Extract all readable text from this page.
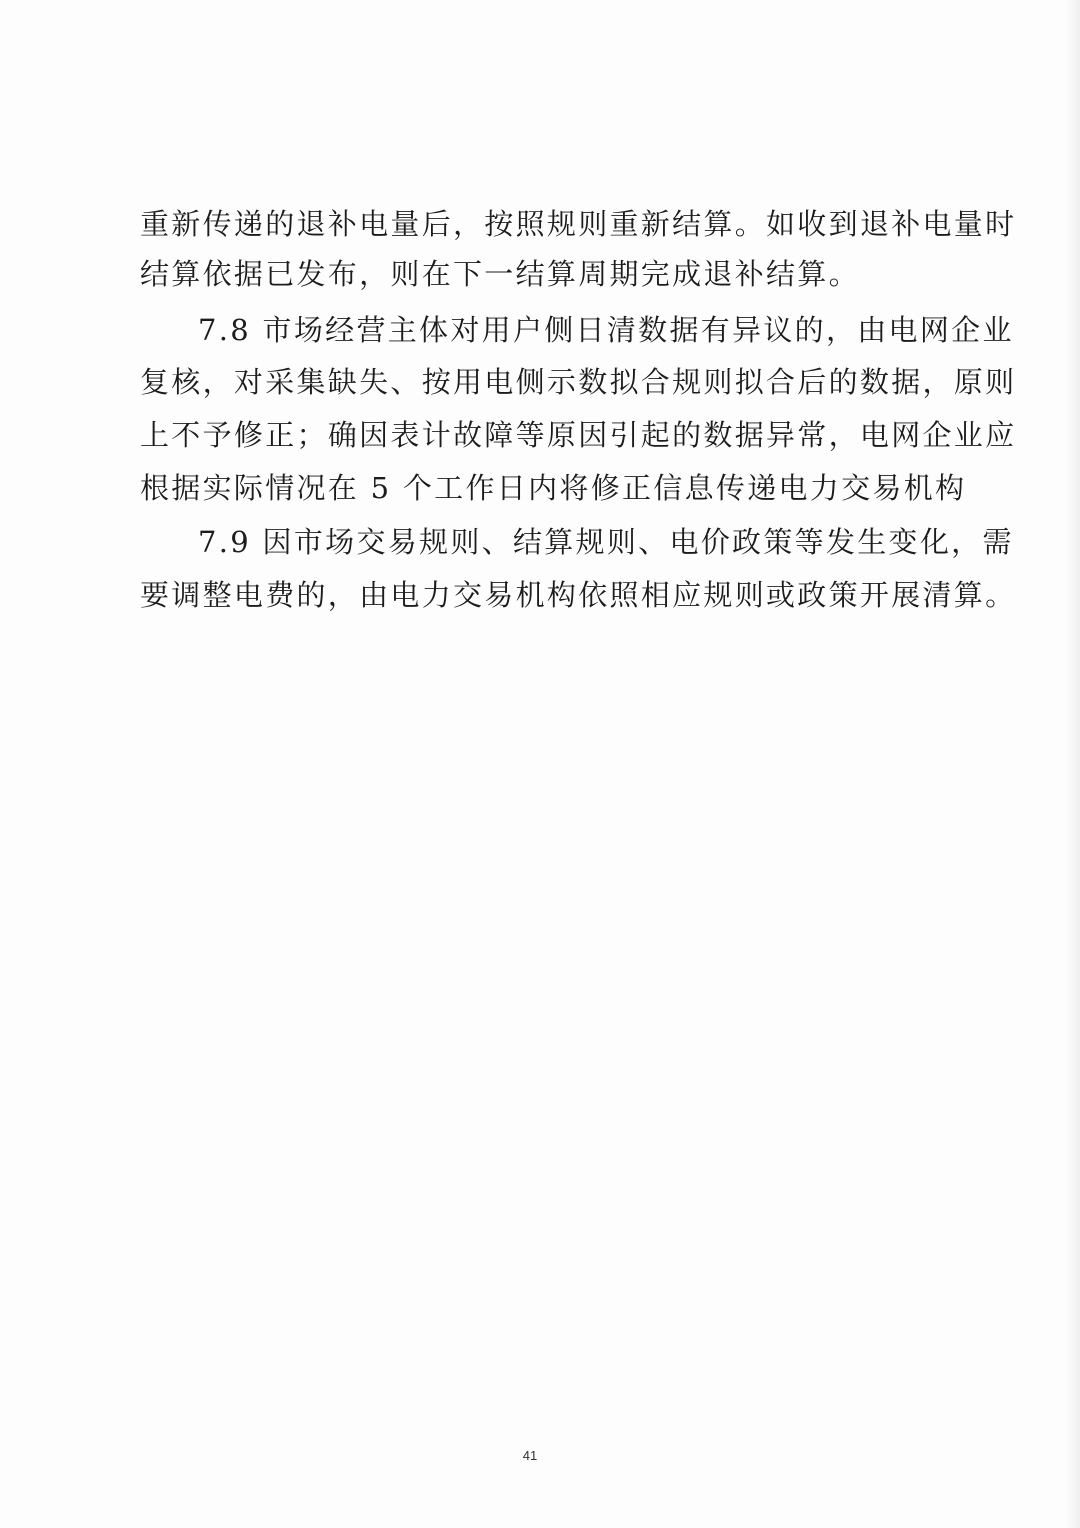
重新传递的退补电量后，按照规则重新结算。如收到退补电量时
结算依据已发布，则在下一结算周期完成退补结算。
7.8 市场经营主体对用户侧日清数据有异议的，由电网企业
复核，对采集缺失、按用电侧示数拟合规则拟合后的数据，原则
上不予修正；确因表计故障等原因引起的数据异常，电网企业应
根据实际情况在 5 个工作日内将修正信息传递电力交易机构
7.9 因市场交易规则、结算规则、电价政策等发生变化，需
要调整电费的，由电力交易机构依照相应规则或政策开展清算。
41
